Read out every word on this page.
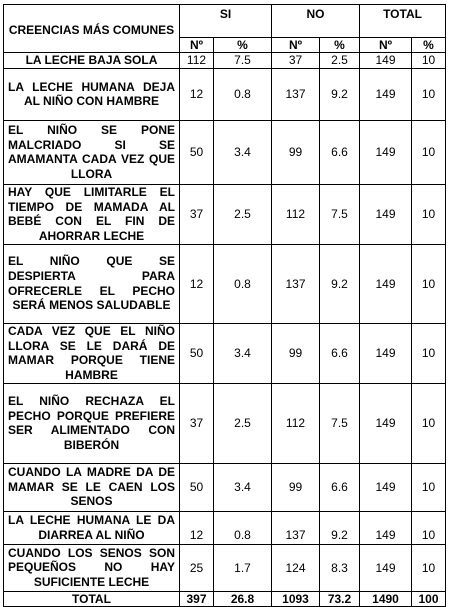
CREENCIAS MÁS COMUNES	SI		NO		TOTAL	
	Nº	%	Nº	%	Nº	%
LA LECHE BAJA SOLA	112	7.5	37	2.5	149	10
LA LECHE HUMANA DEJA AL NIÑO CON HAMBRE	12	0.8	137	9.2	149	10
EL NIÑO SE PONE MALCRIADO SI SE AMAMANTA CADA VEZ QUE LLORA	50	3.4	99	6.6	149	10
HAY QUE LIMITARLE EL TIEMPO DE MAMADA AL BEBÉ CON EL FIN DE AHORRAR LECHE	37	2.5	112	7.5	149	10
EL NIÑO QUE SE DESPIERTA PARA OFRECERLE EL PECHO SERÁ MENOS SALUDABLE	12	0.8	137	9.2	149	10
CADA VEZ QUE EL NIÑO LLORA SE LE DARÁ DE MAMAR PORQUE TIENE HAMBRE	50	3.4	99	6.6	149	10
EL NIÑO RECHAZA EL PECHO PORQUE PREFIERE SER ALIMENTADO CON BIBERÓN	37	2.5	112	7.5	149	10
CUANDO LA MADRE DA DE MAMAR SE LE CAEN LOS SENOS	50	3.4	99	6.6	149	10
LA LECHE HUMANA LE DA DIARREA AL NIÑO	12	0.8	137	9.2	149	10
CUANDO LOS SENOS SON PEQUEÑOS NO HAY SUFICIENTE LECHE	25	1.7	124	8.3	149	10
TOTAL	397	26.8	1093	73.2	1490	100
